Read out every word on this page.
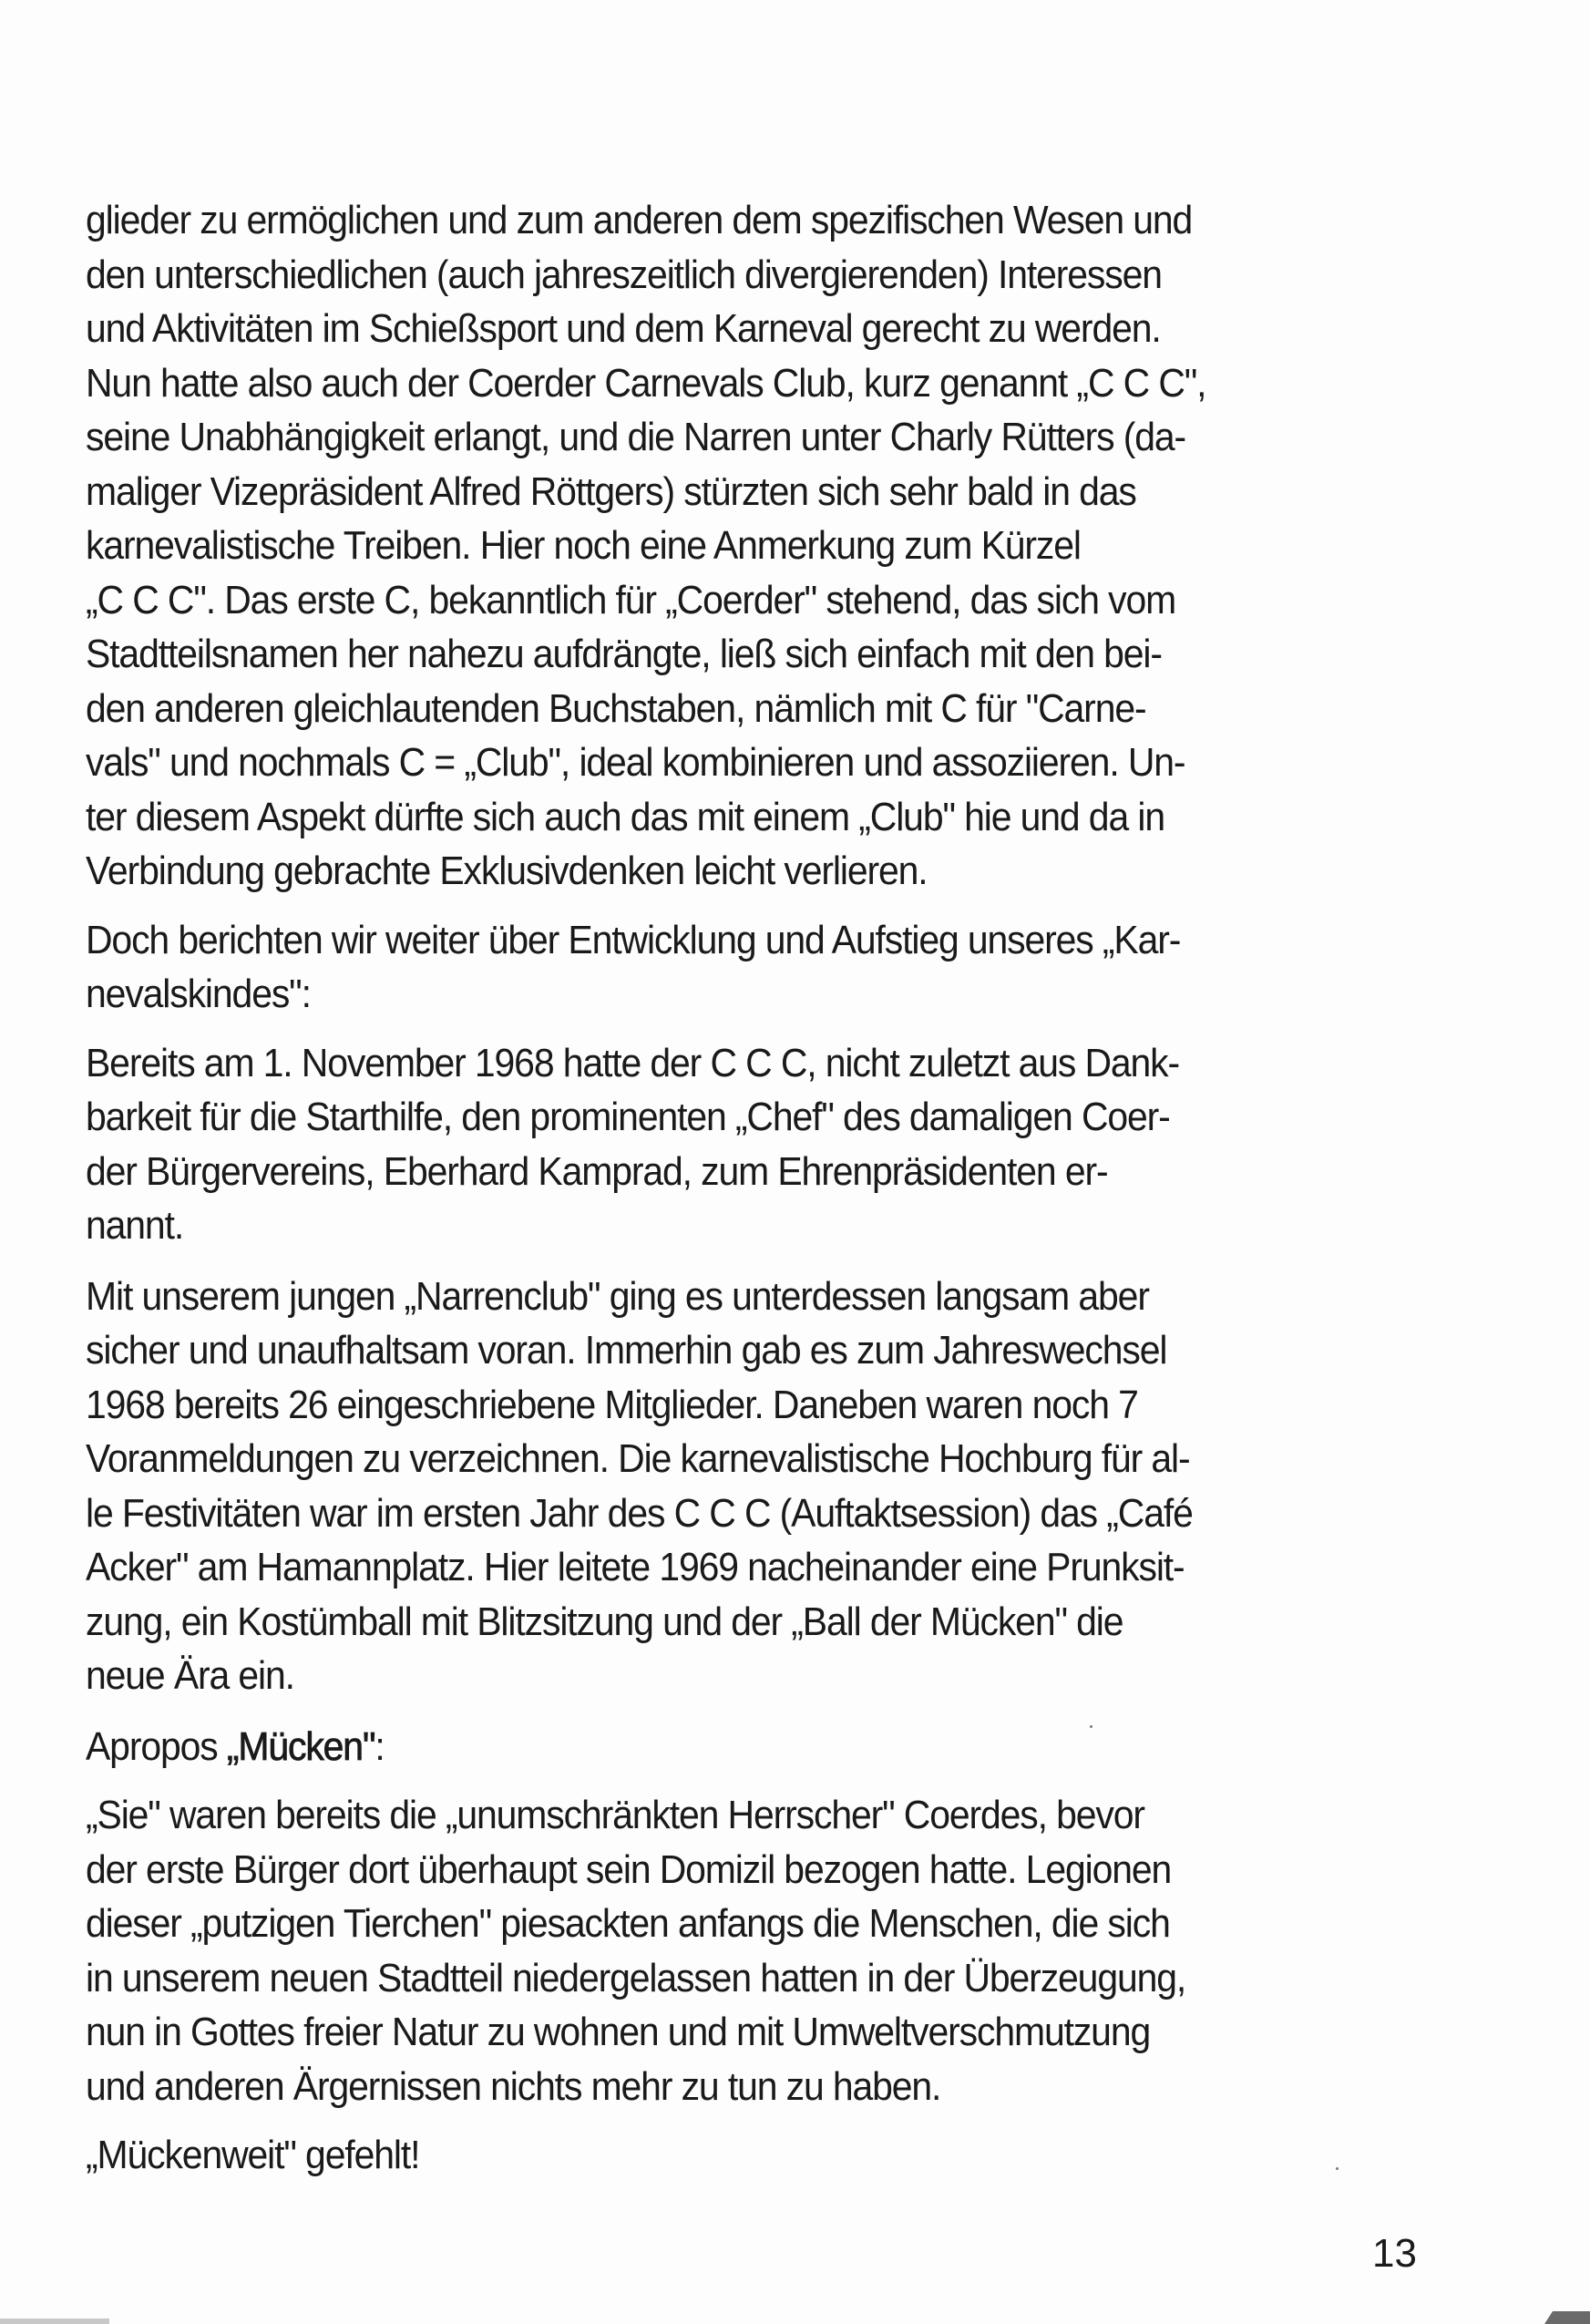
glieder zu ermöglichen und zum anderen dem spezifischen Wesen und
den unterschiedlichen (auch jahreszeitlich divergierenden) Interessen
und Aktivitäten im Schießsport und dem Karneval gerecht zu werden.
Nun hatte also auch der Coerder Carnevals Club, kurz genannt „C C C",
seine Unabhängigkeit erlangt, und die Narren unter Charly Rütters (da-
maliger Vizepräsident Alfred Röttgers) stürzten sich sehr bald in das
karnevalistische Treiben. Hier noch eine Anmerkung zum Kürzel
„C C C". Das erste C, bekanntlich für „Coerder" stehend, das sich vom
Stadtteilsnamen her nahezu aufdrängte, ließ sich einfach mit den bei-
den anderen gleichlautenden Buchstaben, nämlich mit C für "Carne-
vals" und nochmals C = „Club", ideal kombinieren und assoziieren. Un-
ter diesem Aspekt dürfte sich auch das mit einem „Club" hie und da in
Verbindung gebrachte Exklusivdenken leicht verlieren.

Doch berichten wir weiter über Entwicklung und Aufstieg unseres „Kar-
nevalskindes":

Bereits am 1. November 1968 hatte der C C C, nicht zuletzt aus Dank-
barkeit für die Starthilfe, den prominenten „Chef" des damaligen Coer-
der Bürgervereins, Eberhard Kamprad, zum Ehrenpräsidenten er-
nannt.

Mit unserem jungen „Narrenclub" ging es unterdessen langsam aber
sicher und unaufhaltsam voran. Immerhin gab es zum Jahreswechsel
1968 bereits 26 eingeschriebene Mitglieder. Daneben waren noch 7
Voranmeldungen zu verzeichnen. Die karnevalistische Hochburg für al-
le Festivitäten war im ersten Jahr des C C C (Auftaktsession) das „Café
Acker" am Hamannplatz. Hier leitete 1969 nacheinander eine Prunksit-
zung, ein Kostümball mit Blitzsitzung und der „Ball der Mücken" die
neue Ära ein.

Apropos „Mücken":

„Sie" waren bereits die „unumschränkten Herrscher" Coerdes, bevor
der erste Bürger dort überhaupt sein Domizil bezogen hatte. Legionen
dieser „putzigen Tierchen" piesackten anfangs die Menschen, die sich
in unserem neuen Stadtteil niedergelassen hatten in der Überzeugung,
nun in Gottes freier Natur zu wohnen und mit Umweltverschmutzung
und anderen Ärgernissen nichts mehr zu tun zu haben.

„Mückenweit" gefehlt!

13
